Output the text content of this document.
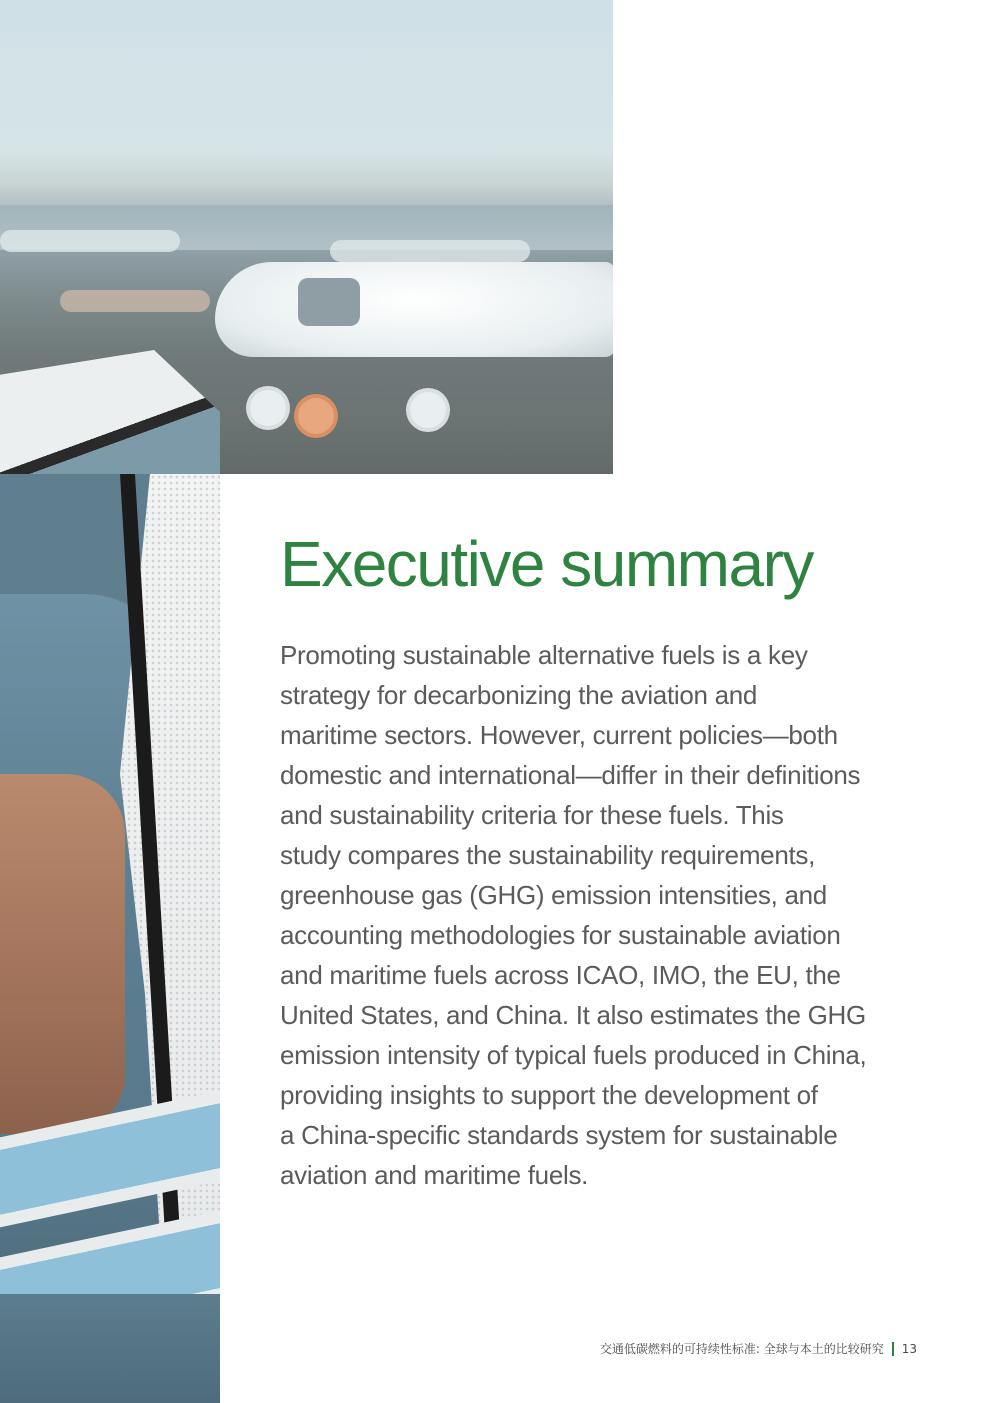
Executive summary

Promoting sustainable alternative fuels is a key
strategy for decarbonizing the aviation and
maritime sectors. However, current policies—both
domestic and international—differ in their definitions
and sustainability criteria for these fuels. This
study compares the sustainability requirements,
greenhouse gas (GHG) emission intensities, and
accounting methodologies for sustainable aviation
and maritime fuels across ICAO, IMO, the EU, the
United States, and China. It also estimates the GHG
emission intensity of typical fuels produced in China,
providing insights to support the development of
a China-specific standards system for sustainable
aviation and maritime fuels.

交通低碳燃料的可持续性标准: 全球与本土的比较研究 13
